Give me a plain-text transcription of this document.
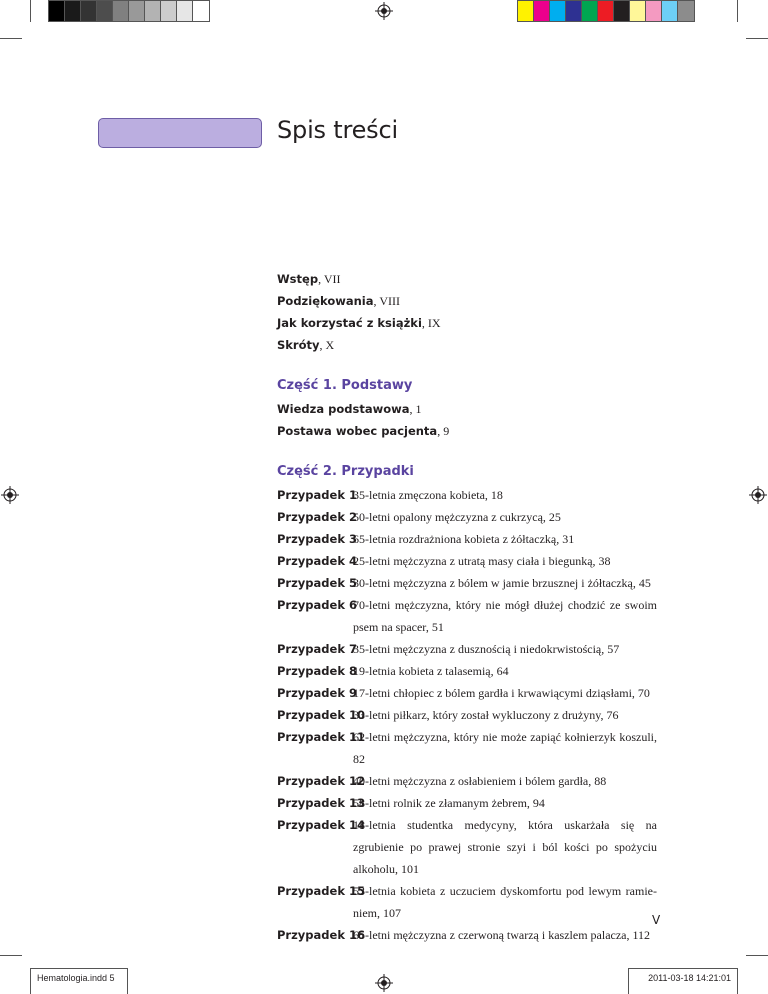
Spis treści
Wstęp, VII
Podziękowania, VIII
Jak korzystać z książki, IX
Skróty, X
Część 1. Podstawy
Wiedza podstawowa, 1
Postawa wobec pacjenta, 9
Część 2. Przypadki
Przypadek 1
35-letnia zmęczona kobieta, 18
Przypadek 2
50-letni opalony mężczyzna z cukrzycą, 25
Przypadek 3
65-letnia rozdrażniona kobieta z żółtaczką, 31
Przypadek 4
25-letni mężczyzna z utratą masy ciała i biegunką, 38
Przypadek 5
30-letni mężczyzna z bólem w jamie brzusznej i żółtaczką, 45
Przypadek 6
70-letni mężczyzna, który nie mógł dłużej chodzić ze swoim psem na spacer, 51
Przypadek 7
35-letni mężczyzna z dusznością i niedokrwistością, 57
Przypadek 8
19-letnia kobieta z talasemią, 64
Przypadek 9
17-letni chłopiec z bólem gardła i krwawiącymi dziąsłami, 70
Przypadek 10
33-letni piłkarz, który został wykluczony z drużyny, 76
Przypadek 11
62-letni mężczyzna, który nie może zapiąć kołnierzyk koszuli, 82
Przypadek 12
40-letni mężczyzna z osłabieniem i bólem gardła, 88
Przypadek 13
58-letni rolnik ze złamanym żebrem, 94
Przypadek 14
18-letnia studentka medycyny, która uskarżała się na zgrubienie po prawej stronie szyi i ból kości po spożyciu alkoholu, 101
Przypadek 15
53-letnia kobieta z uczuciem dyskomfortu pod lewym ramieniem, 107
Przypadek 16
65-letni mężczyzna z czerwoną twarzą i kaszlem palacza, 112
V
Hematologia.indd 5	2011-03-18 14:21:01
